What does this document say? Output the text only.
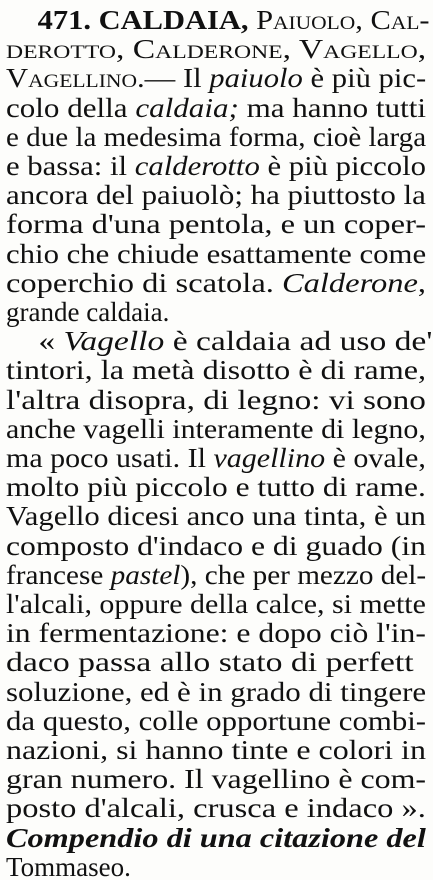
471. CALDAIA, Paiuolo, Cal-
derotto, Calderone, Vagello,
Vagellino.— Il paiuolo è più pic-
colo della caldaia; ma hanno tutti
e due la medesima forma, cioè larga
e bassa: il calderotto è più piccolo
ancora del paiuolò; ha piuttosto la
forma d'una pentola, e un coper-
chio che chiude esattamente come
coperchio di scatola. Calderone,
grande caldaia.
« Vagello è caldaia ad uso de'
tintori, la metà disotto è di rame,
l'altra disopra, di legno: vi sono
anche vagelli interamente di legno,
ma poco usati. Il vagellino è ovale,
molto più piccolo e tutto di rame.
Vagello dicesi anco una tinta, è un
composto d'indaco e di guado (in
francese pastel), che per mezzo del-
l'alcali, oppure della calce, si mette
in fermentazione: e dopo ciò l'in-
daco passa allo stato di perfett
soluzione, ed è in grado di tingere
da questo, colle opportune combi-
nazioni, si hanno tinte e colori in
gran numero. Il vagellino è com-
posto d'alcali, crusca e indaco ».
Compendio di una citazione del
Tommaseo.
